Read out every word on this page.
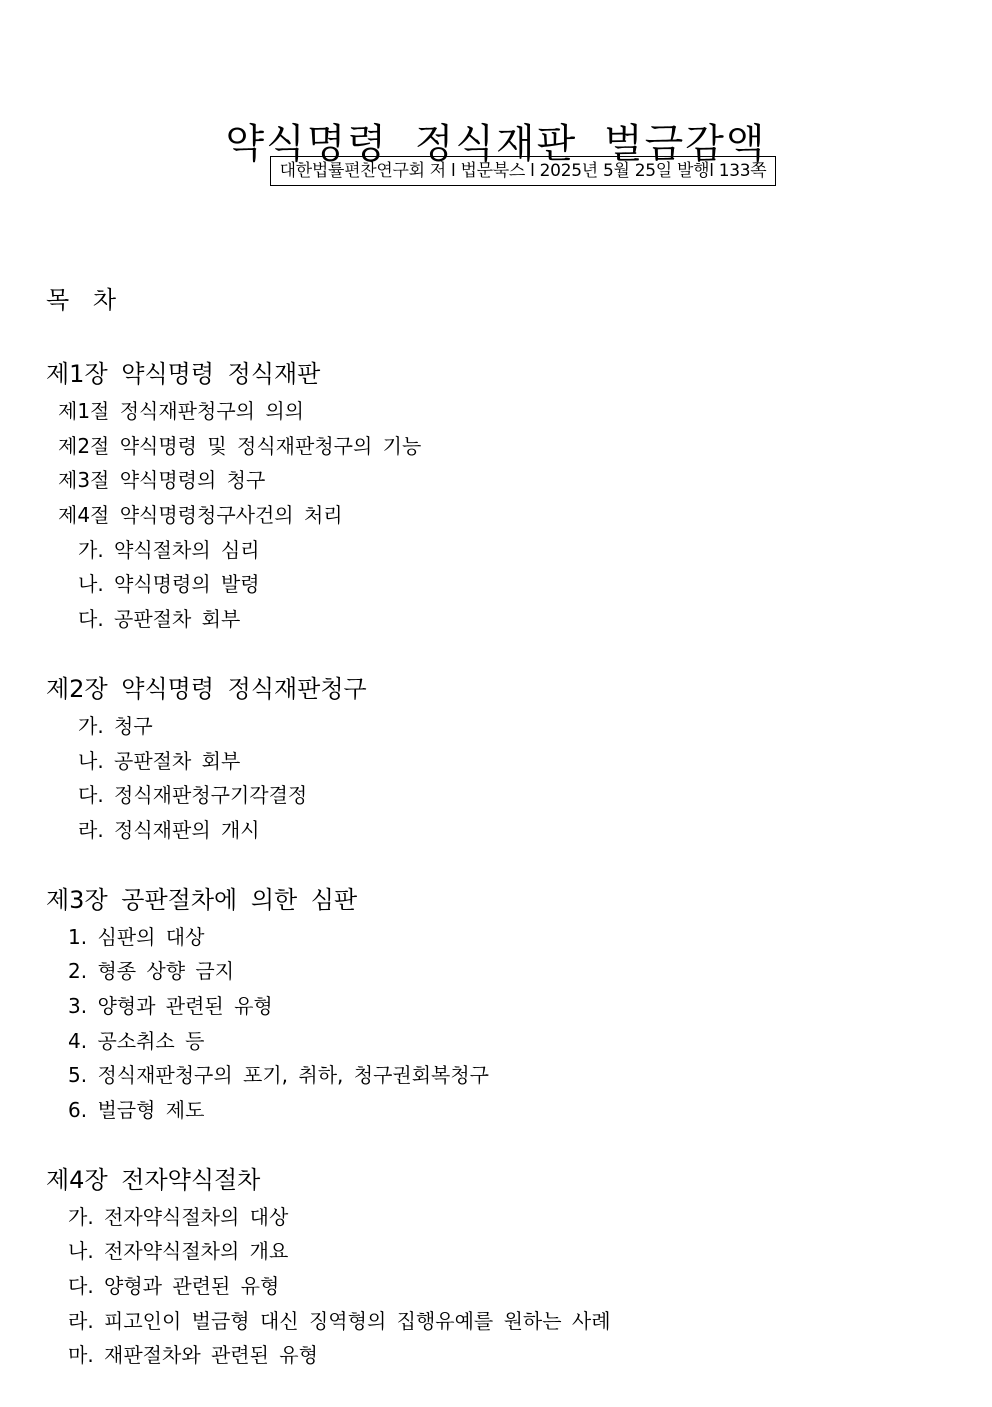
약식명령 정식재판 벌금감액
대한법률편찬연구회 저 l 법문북스 l 2025년 5월 25일 발행l 133쪽
목 차
제1장 약식명령 정식재판
제1절 정식재판청구의 의의
제2절 약식명령 및 정식재판청구의 기능
제3절 약식명령의 청구
제4절 약식명령청구사건의 처리
가. 약식절차의 심리
나. 약식명령의 발령
다. 공판절차 회부
제2장 약식명령 정식재판청구
가. 청구
나. 공판절차 회부
다. 정식재판청구기각결정
라. 정식재판의 개시
제3장 공판절차에 의한 심판
1. 심판의 대상
2. 형종 상향 금지
3. 양형과 관련된 유형
4. 공소취소 등
5. 정식재판청구의 포기, 취하, 청구권회복청구
6. 벌금형 제도
제4장 전자약식절차
가. 전자약식절차의 대상
나. 전자약식절차의 개요
다. 양형과 관련된 유형
라. 피고인이 벌금형 대신 징역형의 집행유예를 원하는 사례
마. 재판절차와 관련된 유형
